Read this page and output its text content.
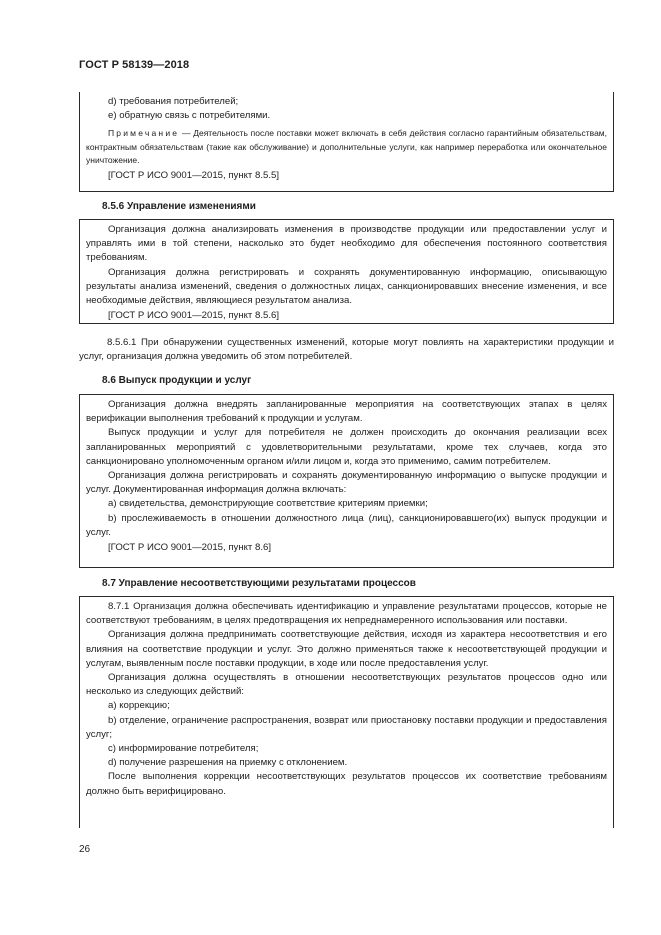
ГОСТ Р 58139—2018

d) требования потребителей;

e) обратную связь с потребителями.

Примечание — Деятельность после поставки может включать в себя действия согласно гарантийным обязательствам, контрактным обязательствам (такие как обслуживание) и дополнительные услуги, как например переработка или окончательное уничтожение.

[ГОСТ Р ИСО 9001—2015, пункт 8.5.5]

8.5.6 Управление изменениями

Организация должна анализировать изменения в производстве продукции или предоставлении услуг и управлять ими в той степени, насколько это будет необходимо для обеспечения постоянного соответствия требованиям.

Организация должна регистрировать и сохранять документированную информацию, описывающую результаты анализа изменений, сведения о должностных лицах, санкционировавших внесение изменения, и все необходимые действия, являющиеся результатом анализа.

[ГОСТ Р ИСО 9001—2015, пункт 8.5.6]

8.5.6.1 При обнаружении существенных изменений, которые могут повлиять на характеристики продукции и услуг, организация должна уведомить об этом потребителей.

8.6 Выпуск продукции и услуг

Организация должна внедрять запланированные мероприятия на соответствующих этапах в целях верификации выполнения требований к продукции и услугам.

Выпуск продукции и услуг для потребителя не должен происходить до окончания реализации всех запланированных мероприятий с удовлетворительными результатами, кроме тех случаев, когда это санкционировано уполномоченным органом и/или лицом и, когда это применимо, самим потребителем.

Организация должна регистрировать и сохранять документированную информацию о выпуске продукции и услуг. Документированная информация должна включать:

a) свидетельства, демонстрирующие соответствие критериям приемки;

b) прослеживаемость в отношении должностного лица (лиц), санкционировавшего(их) выпуск продукции и услуг.

[ГОСТ Р ИСО 9001—2015, пункт 8.6]

8.7 Управление несоответствующими результатами процессов

8.7.1 Организация должна обеспечивать идентификацию и управление результатами процессов, которые не соответствуют требованиям, в целях предотвращения их непреднамеренного использования или поставки.

Организация должна предпринимать соответствующие действия, исходя из характера несоответствия и его влияния на соответствие продукции и услуг. Это должно применяться также к несоответствующей продукции и услугам, выявленным после поставки продукции, в ходе или после предоставления услуг.

Организация должна осуществлять в отношении несоответствующих результатов процессов одно или несколько из следующих действий:

a) коррекцию;

b) отделение, ограничение распространения, возврат или приостановку поставки продукции и предоставления услуг;

c) информирование потребителя;

d) получение разрешения на приемку с отклонением.

После выполнения коррекции несоответствующих результатов процессов их соответствие требованиям должно быть верифицировано.

26
